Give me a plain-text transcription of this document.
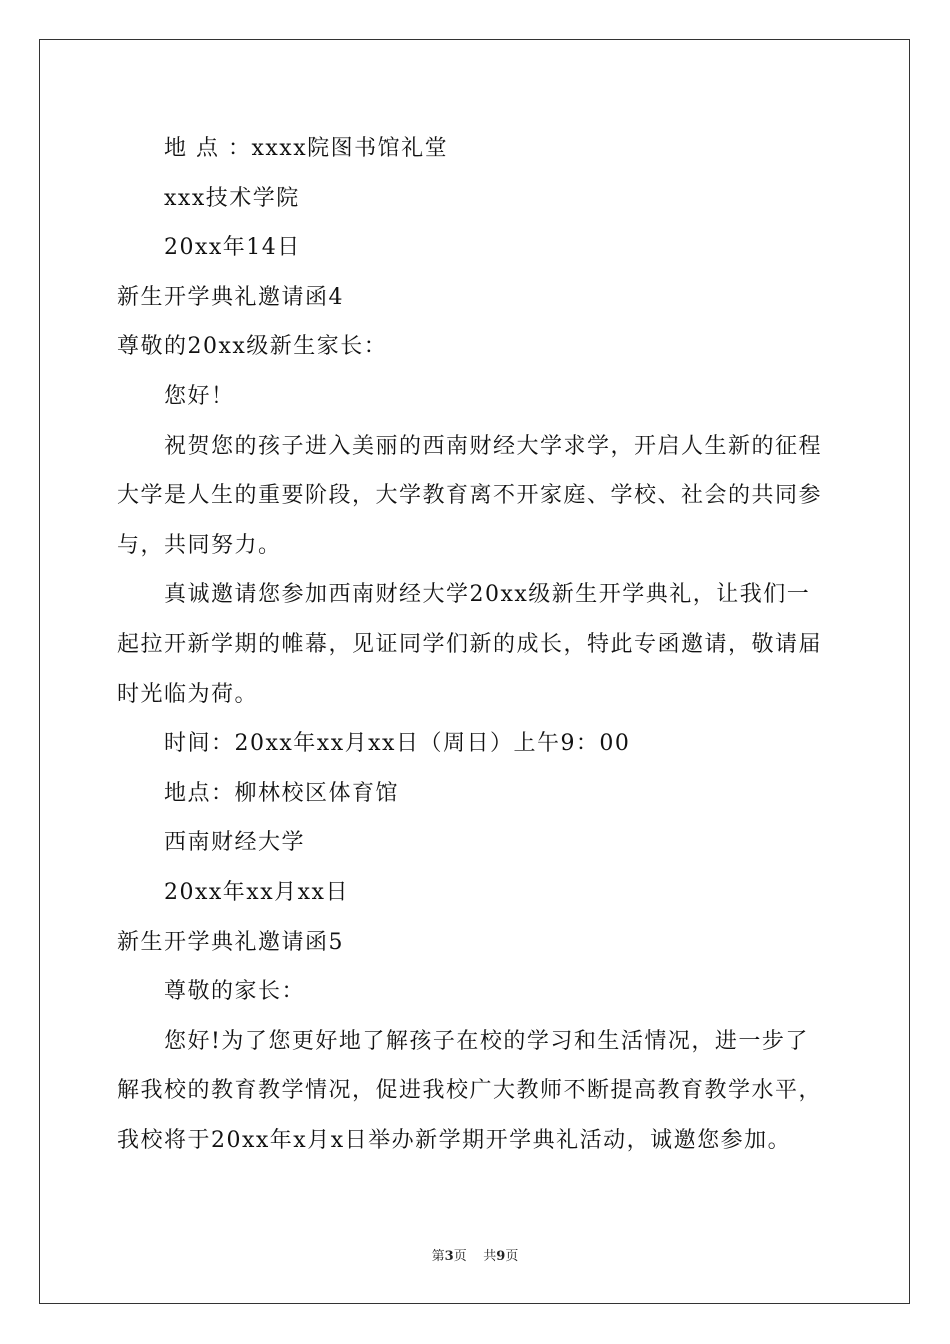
地 点 ：xxxx院图书馆礼堂
xxx技术学院
20xx年14日
新生开学典礼邀请函4
尊敬的20xx级新生家长：
您好！
祝贺您的孩子进入美丽的西南财经大学求学，开启人生新的征程
大学是人生的重要阶段，大学教育离不开家庭、学校、社会的共同参
与，共同努力。
真诚邀请您参加西南财经大学20xx级新生开学典礼，让我们一
起拉开新学期的帷幕，见证同学们新的成长，特此专函邀请，敬请届
时光临为荷。
时间：20xx年xx月xx日（周日）上午9：00
地点：柳林校区体育馆
西南财经大学
20xx年xx月xx日
新生开学典礼邀请函5
尊敬的家长：
您好!为了您更好地了解孩子在校的学习和生活情况，进一步了
解我校的教育教学情况，促进我校广大教师不断提高教育教学水平，
我校将于20xx年x月x日举办新学期开学典礼活动，诚邀您参加。
第3页 共9页
